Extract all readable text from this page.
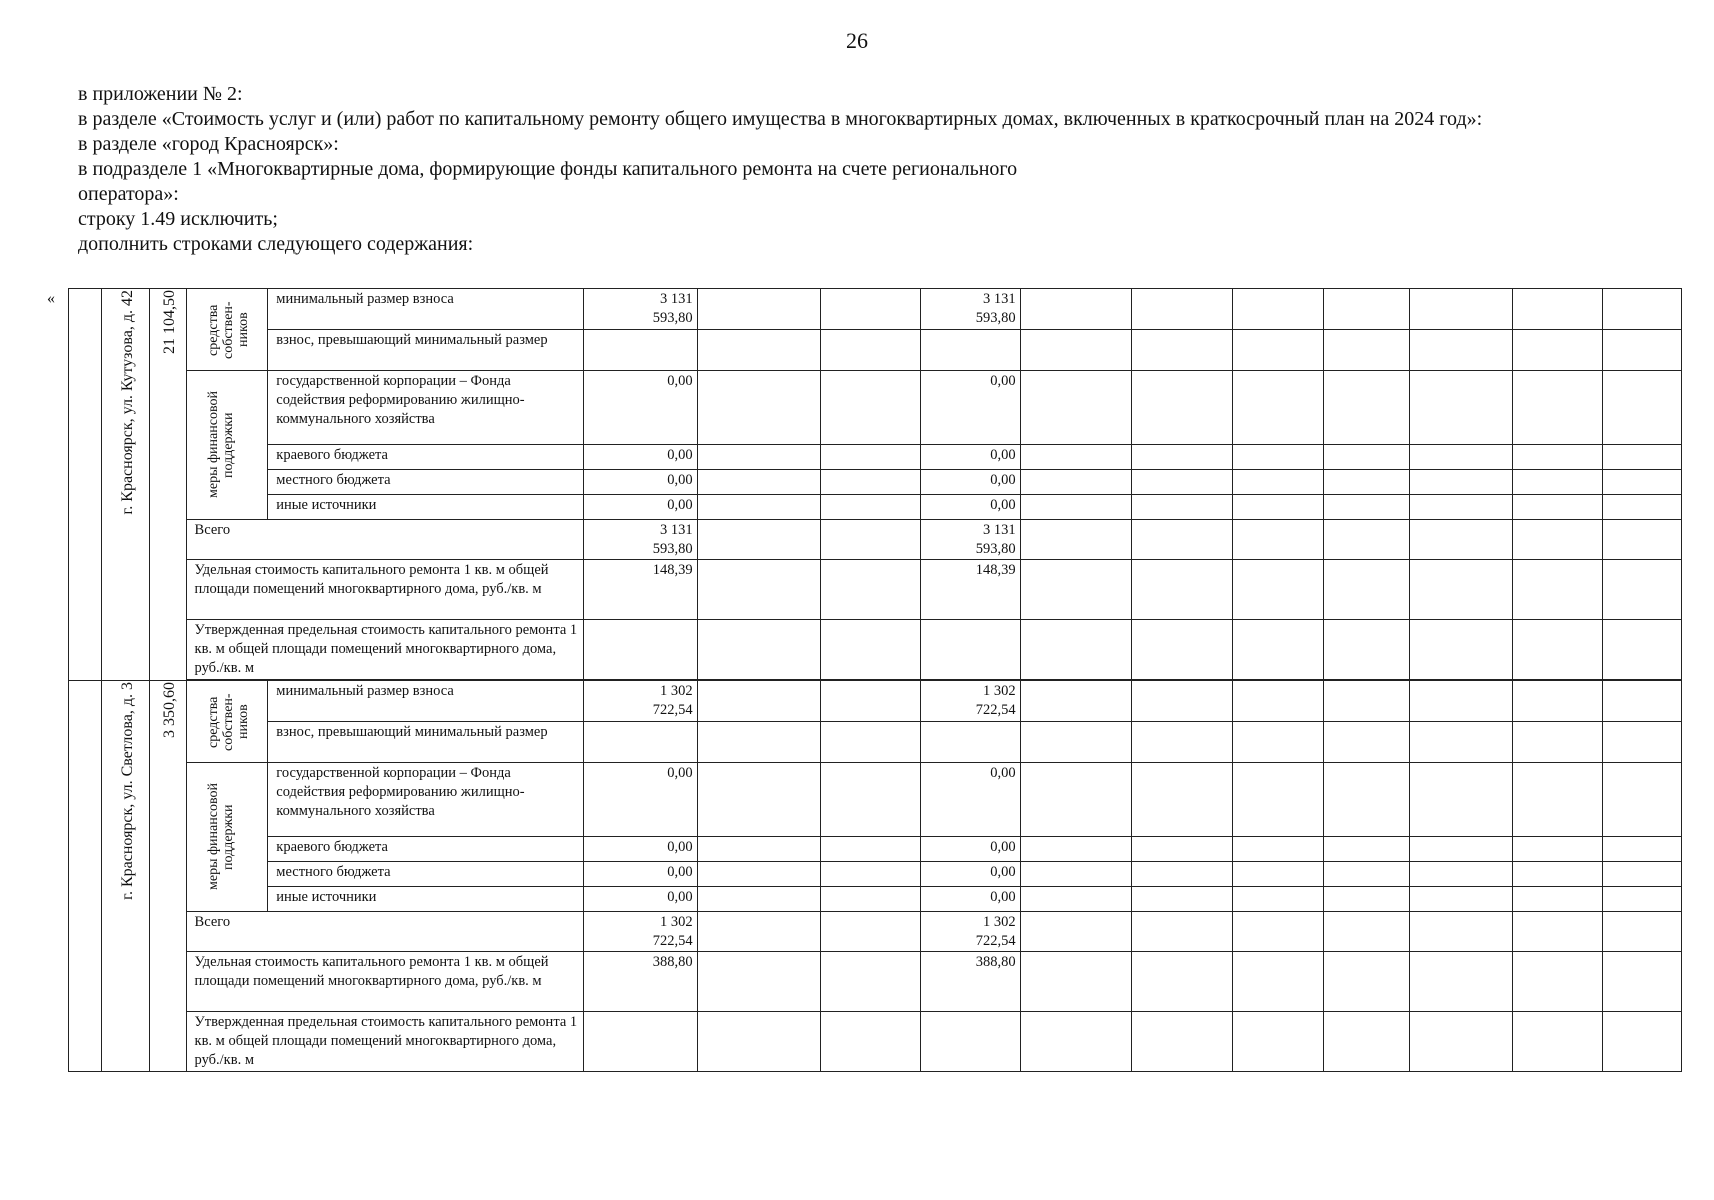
26

в приложении № 2:

в разделе «Стоимость услуг и (или) работ по капитальному ремонту общего имущества в многоквартирных домах, включенных в краткосрочный план на 2024 год»:

в разделе «город Красноярск»:

в подразделе 1 «Многоквартирные дома, формирующие фонды капитального ремонта на счете регионального оператора»:

строку 1.49 исключить;

дополнить строками следующего содержания:

«

	г. Красноярск, ул. Кутузова, д. 42	21 104,50	средства собствен- ников	минимальный размер взноса	3 131
593,80			3 131
593,80							

				взнос, превышающий минимальный размер											

			меры финансовой поддержки	государственной корпорации – Фонда содействия реформированию жилищно-коммунального хозяйства	0,00			0,00							
				краевого бюджета	0,00			0,00							
				местного бюджета	0,00			0,00							
				иные источники	0,00			0,00							
			Всего		3 131
593,80			3 131
593,80							

			Удельная стоимость капитального ремонта 1 кв. м общей площади помещений многоквартирного дома, руб./кв. м		148,39			148,39							
			Утвержденная предельная стоимость капитального ремонта 1 кв. м общей площади помещений многоквартирного дома, руб./кв. м												

	г. Красноярск, ул. Светлова, д. 3	3 350,60	средства собствен- ников	минимальный размер взноса	1 302
722,54			1 302
722,54							

				взнос, превышающий минимальный размер											

			меры финансовой поддержки	государственной корпорации – Фонда содействия реформированию жилищно-коммунального хозяйства	0,00			0,00							
				краевого бюджета	0,00			0,00							
				местного бюджета	0,00			0,00							
				иные источники	0,00			0,00							
			Всего		1 302
722,54			1 302
722,54							

			Удельная стоимость капитального ремонта 1 кв. м общей площади помещений многоквартирного дома, руб./кв. м		388,80			388,80							
			Утвержденная предельная стоимость капитального ремонта 1 кв. м общей площади помещений многоквартирного дома, руб./кв. м												
